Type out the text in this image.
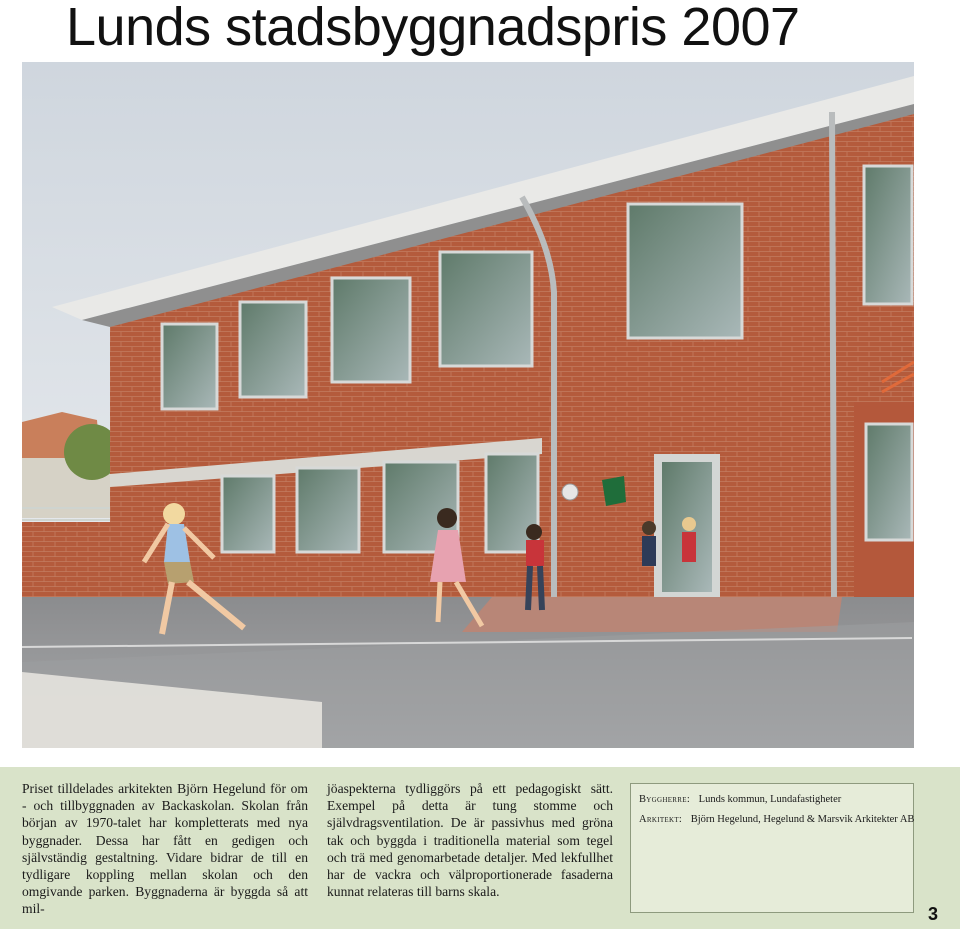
Lunds stadsbyggnadspris 2007

Priset tilldelades arkitekten Björn Hegelund för om - och tillbyggnaden av Backaskolan. Skolan från början av 1970-talet har kompletterats med nya byggnader. Dessa har fått en gedigen och självständig gestaltning. Vidare bidrar de till en tydligare koppling mellan skolan och den omgivande parken. Byggnaderna är byggda så att mil-

jöaspekterna tydliggörs på ett pedagogiskt sätt. Exempel på detta är tung stomme och självdragsventilation. De är passivhus med gröna tak och byggda i traditionella material som tegel och trä med genomarbetade detaljer. Med lekfullhet har de vackra och välproportionerade fasaderna kunnat relateras till barns skala.

Byggherre: Lunds kommun, Lundafastigheter
Arkitekt: Björn Hegelund, Hegelund & Marsvik Arkitekter AB
3
